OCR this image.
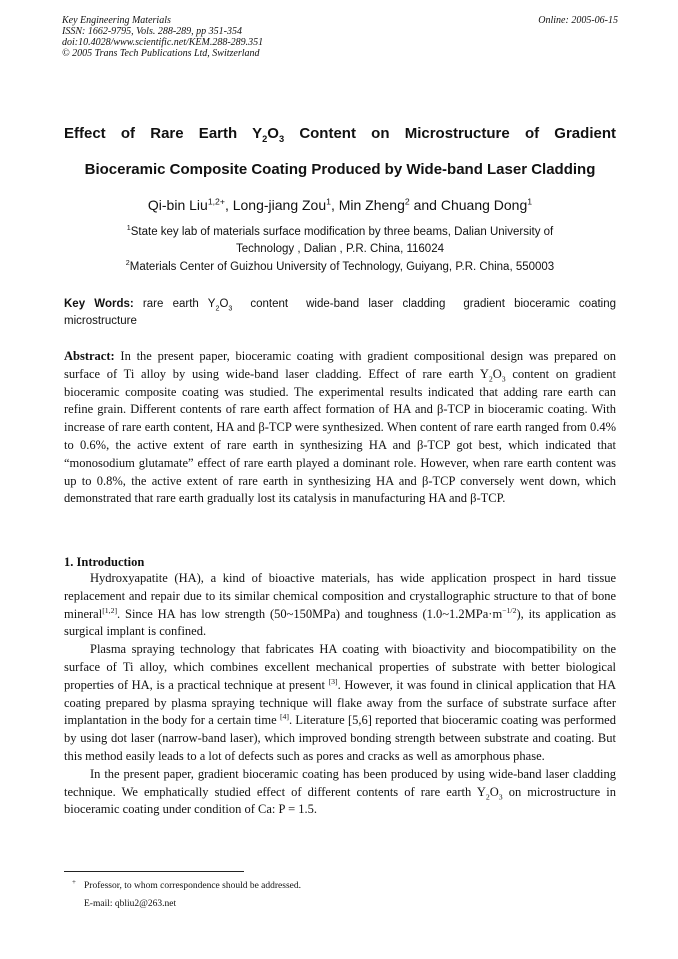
Key Engineering Materials
ISSN: 1662-9795, Vols. 288-289, pp 351-354
doi:10.4028/www.scientific.net/KEM.288-289.351
© 2005 Trans Tech Publications Ltd, Switzerland
Online: 2005-06-15
Effect of Rare Earth $Y_2O_3$ Content on Microstructure of Gradient
Bioceramic Composite Coating Produced by Wide-band Laser Cladding
Qi-bin Liu$^{1,2+}$, Long-jiang Zou$^1$, Min Zheng$^2$ and Chuang Dong$^1$
$^1$State key lab of materials surface modification by three beams, Dalian University of
Technology , Dalian , P.R. China, 116024
$^2$Materials Center of Guizhou University of Technology, Guiyang, P.R. China, 550003
Key Words: rare earth $Y_2O_3$ content wide-band laser cladding gradient bioceramic coating microstructure
Abstract: In the present paper, bioceramic coating with gradient compositional design was prepared on surface of Ti alloy by using wide-band laser cladding. Effect of rare earth $Y_2O_3$ content on gradient bioceramic composite coating was studied. The experimental results indicated that adding rare earth can refine grain. Different contents of rare earth affect formation of HA and β-TCP in bioceramic coating. With increase of rare earth content, HA and β-TCP were synthesized. When content of rare earth ranged from 0.4% to 0.6%, the active extent of rare earth in synthesizing HA and β-TCP got best, which indicated that “monosodium glutamate” effect of rare earth played a dominant role. However, when rare earth content was up to 0.8%, the active extent of rare earth in synthesizing HA and β-TCP conversely went down, which demonstrated that rare earth gradually lost its catalysis in manufacturing HA and β-TCP.
1. Introduction

Hydroxyapatite (HA), a kind of bioactive materials, has wide application prospect in hard tissue replacement and repair due to its similar chemical composition and crystallographic structure to that of bone mineral[1,2]. Since HA has low strength (50~150MPa) and toughness $(1.0\sim 1.2MPa\cdot m^{-1/2})$, its application as surgical implant is confined.

Plasma spraying technology that fabricates HA coating with bioactivity and biocompatibility on the surface of Ti alloy, which combines excellent mechanical properties of substrate with better biological properties of HA, is a practical technique at present [3]. However, it was found in clinical application that HA coating prepared by plasma spraying technique will flake away from the surface of substrate surface after implantation in the body for a certain time [4]. Literature [5,6] reported that bioceramic coating was performed by using dot laser (narrow-band laser), which improved bonding strength between substrate and coating. But this method easily leads to a lot of defects such as pores and cracks as well as amorphous phase.

In the present paper, gradient bioceramic coating has been produced by using wide-band laser cladding technique. We emphatically studied effect of different contents of rare earth $Y_2O_3$ on microstructure in bioceramic coating under condition of Ca: P = 1.5.

+ Professor, to whom correspondence should be addressed.
E-mail: qbliu2@263.net
